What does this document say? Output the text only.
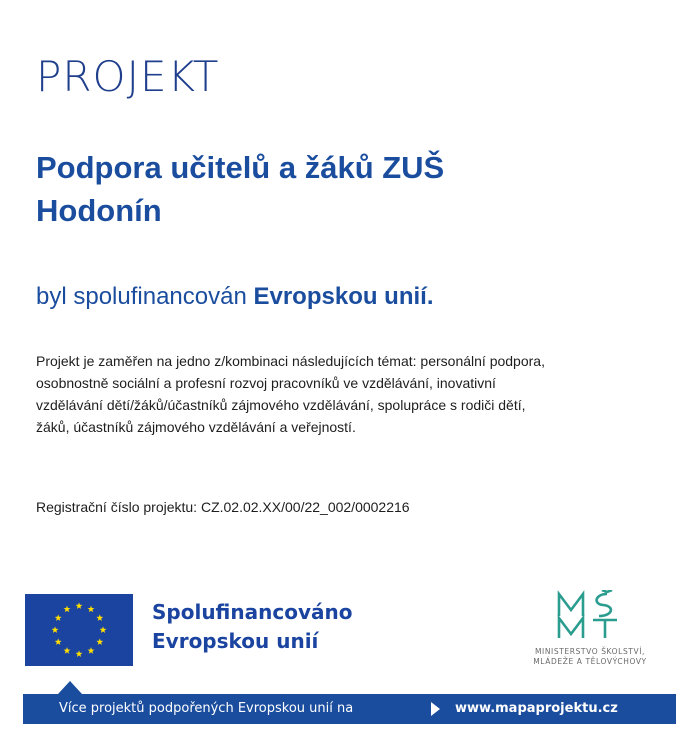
PROJEKT
Podpora učitelů a žáků ZUŠ
Hodonín
byl spolufinancován Evropskou unií.
Projekt je zaměřen na jedno z/kombinaci následujících témat: personální podpora,
osobnostně sociální a profesní rozvoj pracovníků ve vzdělávání, inovativní
vzdělávání dětí/žáků/účastníků zájmového vzdělávání, spolupráce s rodiči dětí,
žáků, účastníků zájmového vzdělávání a veřejností.
Registrační číslo projektu: CZ.02.02.XX/00/22_002/0002216
Spolufinancováno
Evropskou unií	MINISTERSTVO ŠKOLSTVÍ,
MLÁDEŽE A TĚLOVÝCHOVY
Více projektů podpořených Evropskou unií na	www.mapaprojektu.cz
